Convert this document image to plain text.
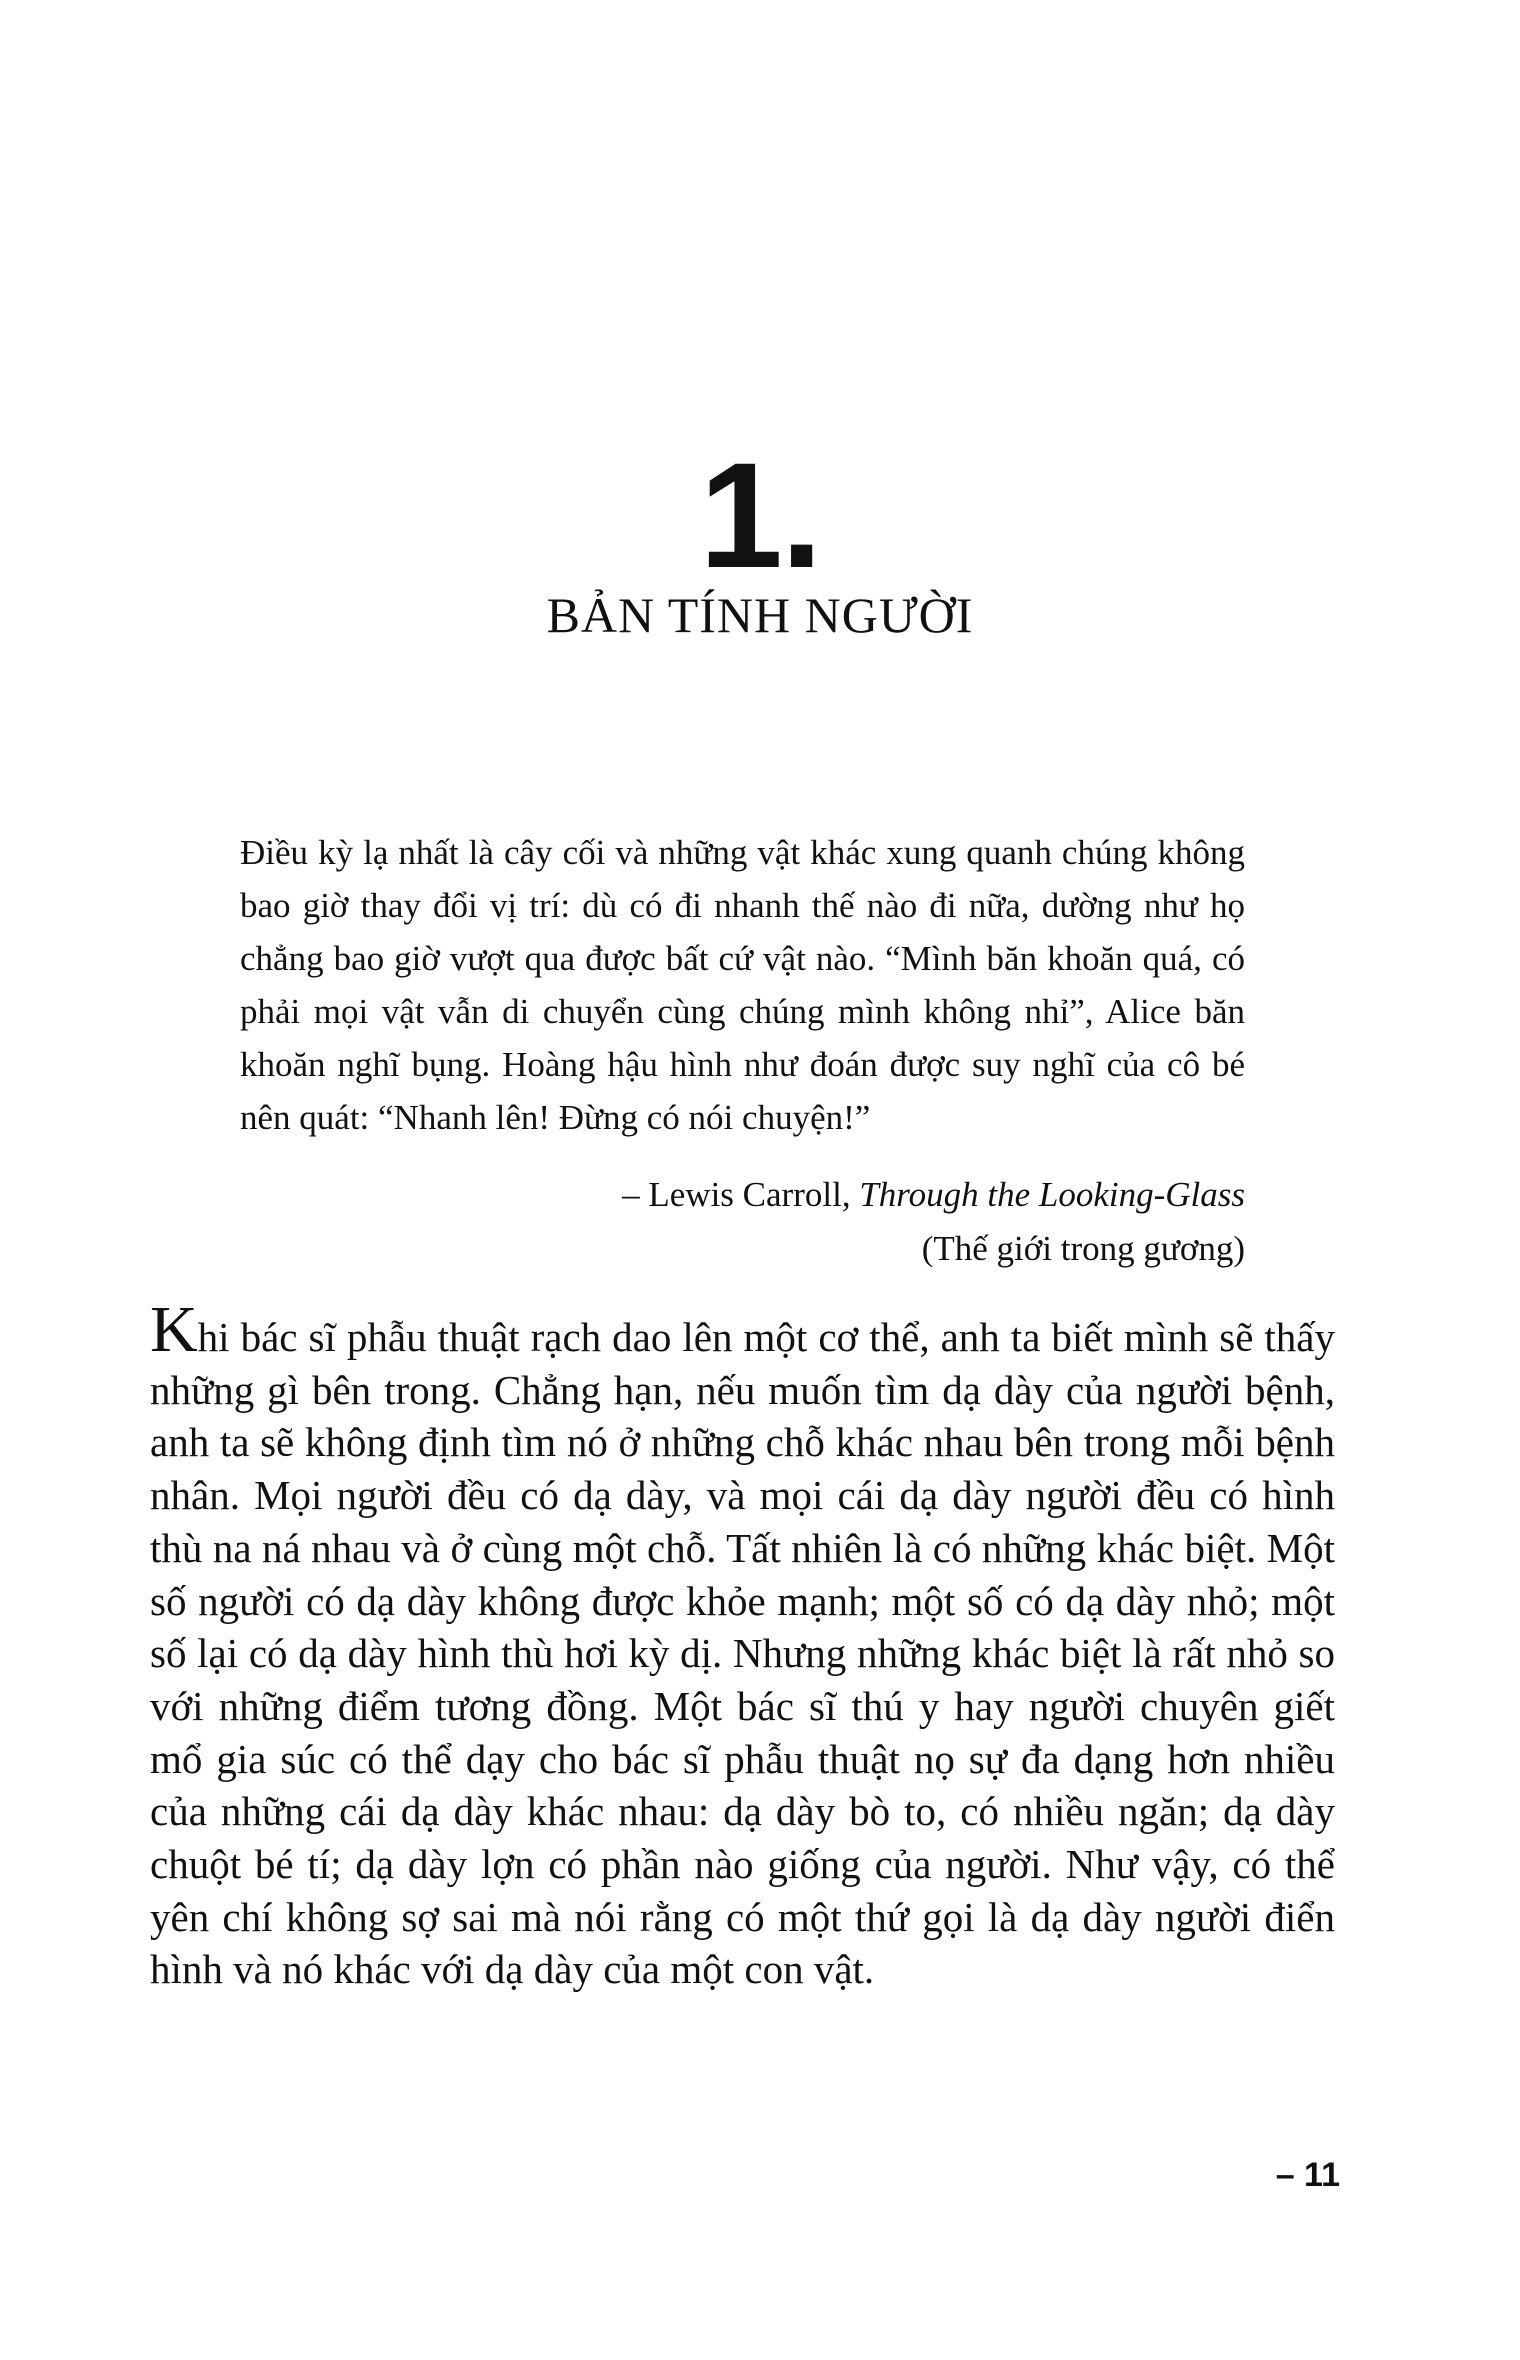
1.
BẢN TÍNH NGƯỜI

Điều kỳ lạ nhất là cây cối và những vật khác xung quanh chúng không bao giờ thay đổi vị trí: dù có đi nhanh thế nào đi nữa, dường như họ chẳng bao giờ vượt qua được bất cứ vật nào. “Mình băn khoăn quá, có phải mọi vật vẫn di chuyển cùng chúng mình không nhỉ”, Alice băn khoăn nghĩ bụng. Hoàng hậu hình như đoán được suy nghĩ của cô bé nên quát: “Nhanh lên! Đừng có nói chuyện!”

– Lewis Carroll, Through the Looking-Glass
(Thế giới trong gương)

Khi bác sĩ phẫu thuật rạch dao lên một cơ thể, anh ta biết mình sẽ thấy những gì bên trong. Chẳng hạn, nếu muốn tìm dạ dày của người bệnh, anh ta sẽ không định tìm nó ở những chỗ khác nhau bên trong mỗi bệnh nhân. Mọi người đều có dạ dày, và mọi cái dạ dày người đều có hình thù na ná nhau và ở cùng một chỗ. Tất nhiên là có những khác biệt. Một số người có dạ dày không được khỏe mạnh; một số có dạ dày nhỏ; một số lại có dạ dày hình thù hơi kỳ dị. Nhưng những khác biệt là rất nhỏ so với những điểm tương đồng. Một bác sĩ thú y hay người chuyên giết mổ gia súc có thể dạy cho bác sĩ phẫu thuật nọ sự đa dạng hơn nhiều của những cái dạ dày khác nhau: dạ dày bò to, có nhiều ngăn; dạ dày chuột bé tí; dạ dày lợn có phần nào giống của người. Như vậy, có thể yên chí không sợ sai mà nói rằng có một thứ gọi là dạ dày người điển hình và nó khác với dạ dày của một con vật.

– 11
